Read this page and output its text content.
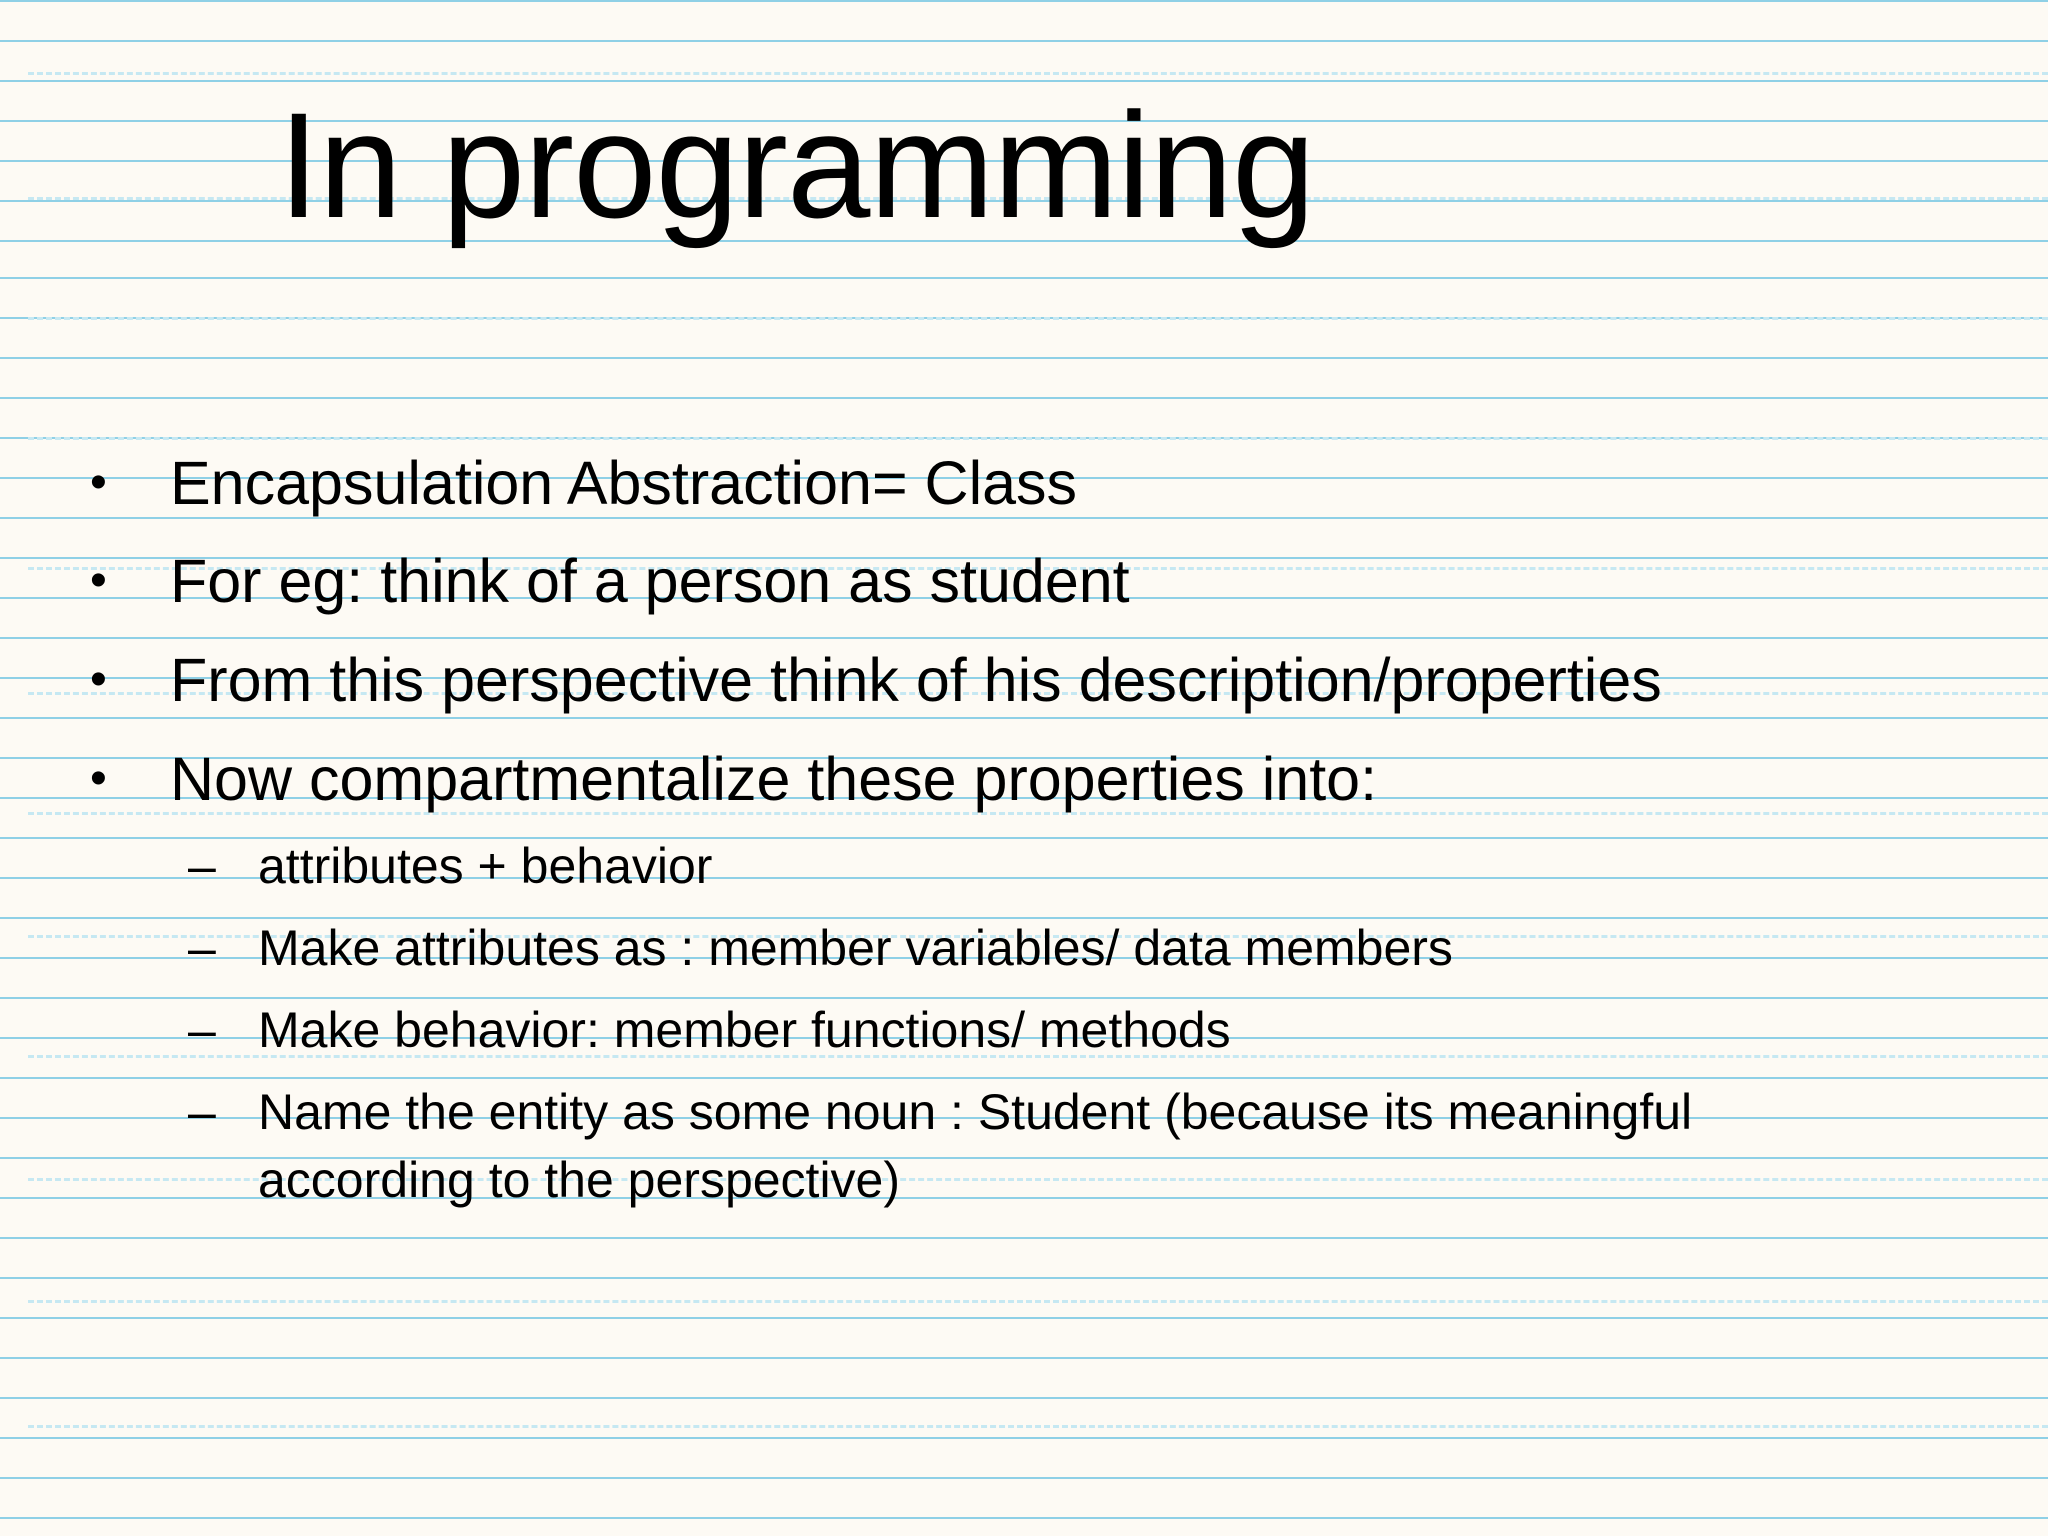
In programming
• Encapsulation Abstraction= Class
• For eg: think of a person as student
• From this perspective think of his description/properties
• Now compartmentalize these properties into:
– attributes + behavior
– Make attributes as : member variables/ data members
– Make behavior: member functions/ methods
– Name the entity as some noun : Student (because its meaningful
according to the perspective)
